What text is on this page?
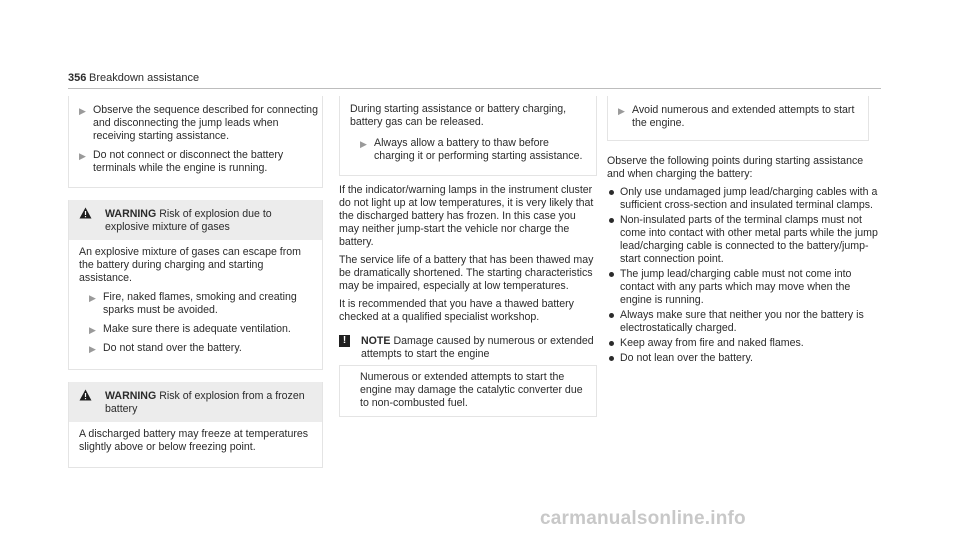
356 Breakdown assistance
▶ Observe the sequence described for connecting and disconnecting the jump leads when receiving starting assistance.
▶ Do not connect or disconnect the battery terminals while the engine is running.
WARNING Risk of explosion due to explosive mixture of gases
An explosive mixture of gases can escape from the battery during charging and starting assistance.
▶ Fire, naked flames, smoking and creating sparks must be avoided.
▶ Make sure there is adequate ventilation.
▶ Do not stand over the battery.
WARNING Risk of explosion from a frozen battery
A discharged battery may freeze at temperatures slightly above or below freezing point.
During starting assistance or battery charging, battery gas can be released.
▶ Always allow a battery to thaw before charging it or performing starting assistance.
If the indicator/warning lamps in the instrument cluster do not light up at low temperatures, it is very likely that the discharged battery has frozen. In this case you may neither jump-start the vehicle nor charge the battery.
The service life of a battery that has been thawed may be dramatically shortened. The starting characteristics may be impaired, especially at low temperatures.
It is recommended that you have a thawed battery checked at a qualified specialist workshop.
!	NOTE Damage caused by numerous or extended attempts to start the engine
Numerous or extended attempts to start the engine may damage the catalytic converter due to non-combusted fuel.
▶ Avoid numerous and extended attempts to start the engine.
Observe the following points during starting assistance and when charging the battery:
Only use undamaged jump lead/charging cables with a sufficient cross-section and insulated terminal clamps.
Non-insulated parts of the terminal clamps must not come into contact with other metal parts while the jump lead/charging cable is connected to the battery/jump-start connection point.
The jump lead/charging cable must not come into contact with any parts which may move when the engine is running.
Always make sure that neither you nor the battery is electrostatically charged.
Keep away from fire and naked flames.
Do not lean over the battery.
carmanualsonline.info
